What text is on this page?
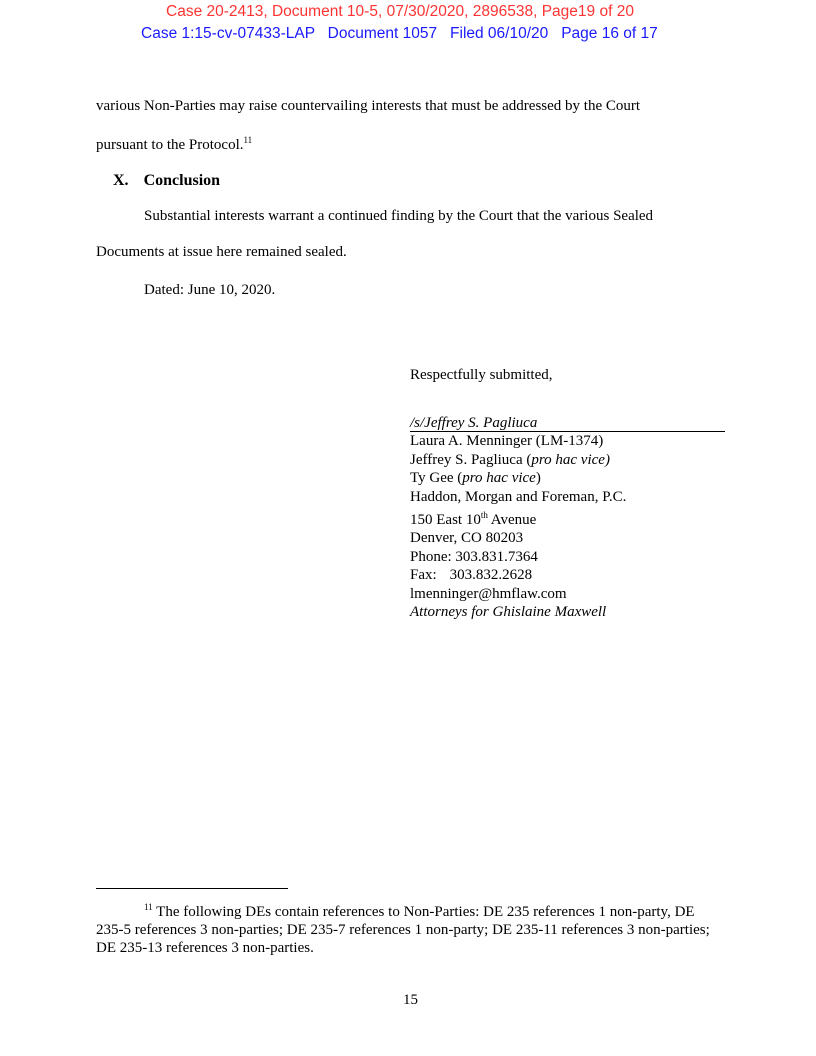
Case 20-2413, Document 10-5, 07/30/2020, 2896538, Page19 of 20
Case 1:15-cv-07433-LAP   Document 1057   Filed 06/10/20   Page 16 of 17
various Non-Parties may raise countervailing interests that must be addressed by the Court
pursuant to the Protocol.$^{11}$
X. Conclusion
Substantial interests warrant a continued finding by the Court that the various Sealed
Documents at issue here remained sealed.
Dated: June 10, 2020.
Respectfully submitted,
/s/Jeffrey S. Pagliuca
Laura A. Menninger (LM-1374)
Jeffrey S. Pagliuca (pro hac vice)
Ty Gee (pro hac vice)
Haddon, Morgan and Foreman, P.C.
150 East 10th Avenue
Denver, CO 80203
Phone: 303.831.7364
Fax: 303.832.2628
lmenninger@hmflaw.com
Attorneys for Ghislaine Maxwell
$^{11}$ The following DEs contain references to Non-Parties: DE 235 references 1 non-party, DE 235-5 references 3 non-parties; DE 235-7 references 1 non-party; DE 235-11 references 3 non-parties; DE 235-13 references 3 non-parties.
15
